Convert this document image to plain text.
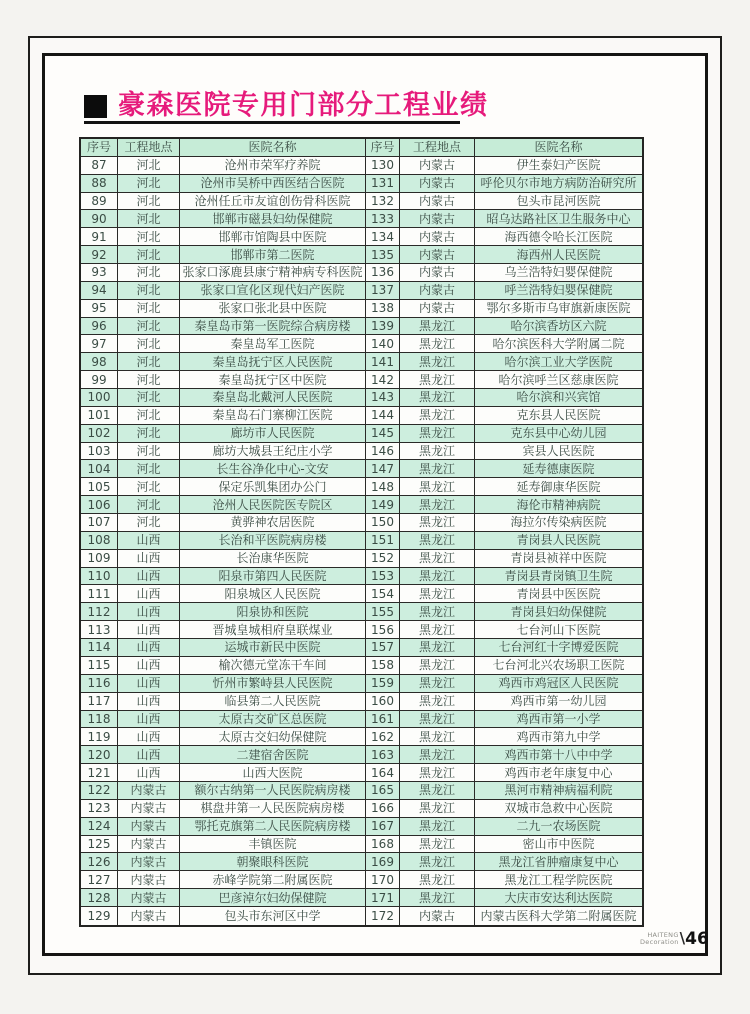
豪森医院专用门部分工程业绩
序号	工程地点	医院名称	序号	工程地点	医院名称
87	河北	沧州市荣军疗养院	130	内蒙古	伊生泰妇产医院
88	河北	沧州市吴桥中西医结合医院	131	内蒙古	呼伦贝尔市地方病防治研究所
89	河北	沧州任丘市友谊创伤骨科医院	132	内蒙古	包头市昆河医院
90	河北	邯郸市磁县妇幼保健院	133	内蒙古	昭乌达路社区卫生服务中心
91	河北	邯郸市馆陶县中医院	134	内蒙古	海西德令哈长江医院
92	河北	邯郸市第二医院	135	内蒙古	海西州人民医院
93	河北	张家口涿鹿县康宁精神病专科医院 136	内蒙古	乌兰浩特妇婴保健院
94	河北	张家口宣化区现代妇产医院	137	内蒙古	呼兰浩特妇婴保健院
95	河北	张家口张北县中医院	138	内蒙古	鄂尔多斯市乌审旗新康医院
96	河北	秦皇岛市第一医院综合病房楼	139	黑龙江	哈尔滨香坊区六院
97	河北	秦皇岛军工医院	140	黑龙江	哈尔滨医科大学附属二院
98	河北	秦皇岛抚宁区人民医院	141	黑龙江	哈尔滨工业大学医院
99	河北	秦皇岛抚宁区中医院	142	黑龙江	哈尔滨呼兰区慈康医院
100	河北	秦皇岛北戴河人民医院	143	黑龙江	哈尔滨和兴宾馆
101	河北	秦皇岛石门寨柳江医院	144	黑龙江	克东县人民医院
102	河北	廊坊市人民医院	145	黑龙江	克东县中心幼儿园
103	河北	廊坊大城县王纪庄小学	146	黑龙江	宾县人民医院
104	河北	长生谷净化中心-文安	147	黑龙江	延寿德康医院
105	河北	保定乐凯集团办公门	148	黑龙江	延寿御康华医院
106	河北	沧州人民医院医专院区	149	黑龙江	海伦市精神病院
107	河北	黄骅神农居医院	150	黑龙江	海拉尔传染病医院
108	山西	长治和平医院病房楼	151	黑龙江	青岗县人民医院
109	山西	长治康华医院	152	黑龙江	青岗县祯祥中医院
110	山西	阳泉市第四人民医院	153	黑龙江	青岗县青岗镇卫生院
111	山西	阳泉城区人民医院	154	黑龙江	青岗县中医医院
112	山西	阳泉协和医院	155	黑龙江	青岗县妇幼保健院
113	山西	晋城皇城相府皇联煤业	156	黑龙江	七台河山下医院
114	山西	运城市新民中医院	157	黑龙江	七台河红十字博爱医院
115	山西	榆次德元堂冻干车间	158	黑龙江	七台河北兴农场职工医院
116	山西	忻州市繁峙县人民医院	159	黑龙江	鸡西市鸡冠区人民医院
117	山西	临县第二人民医院	160	黑龙江	鸡西市第一幼儿园
118	山西	太原古交矿区总医院	161	黑龙江	鸡西市第一小学
119	山西	太原古交妇幼保健院	162	黑龙江	鸡西市第九中学
120	山西	二建宿舍医院	163	黑龙江	鸡西市第十八中中学
121	山西	山西大医院	164	黑龙江	鸡西市老年康复中心
122	内蒙古	额尔古纳第一人民医院病房楼	165	黑龙江	黑河市精神病福利院
123	内蒙古	棋盘井第一人民医院病房楼	166	黑龙江	双城市急救中心医院
124	内蒙古	鄂托克旗第二人民医院病房楼	167	黑龙江	二九一农场医院
125	内蒙古	丰镇医院	168	黑龙江	密山市中医院
126	内蒙古	朝聚眼科医院	169	黑龙江	黑龙江省肿瘤康复中心
127	内蒙古	赤峰学院第二附属医院	170	黑龙江	黑龙江工程学院医院
128	内蒙古	巴彦淖尔妇幼保健院	171	黑龙江	大庆市安达利达医院
129	内蒙古	包头市东河区中学	172	内蒙古	内蒙古医科大学第二附属医院
HAITENG
Decoration \ 46
